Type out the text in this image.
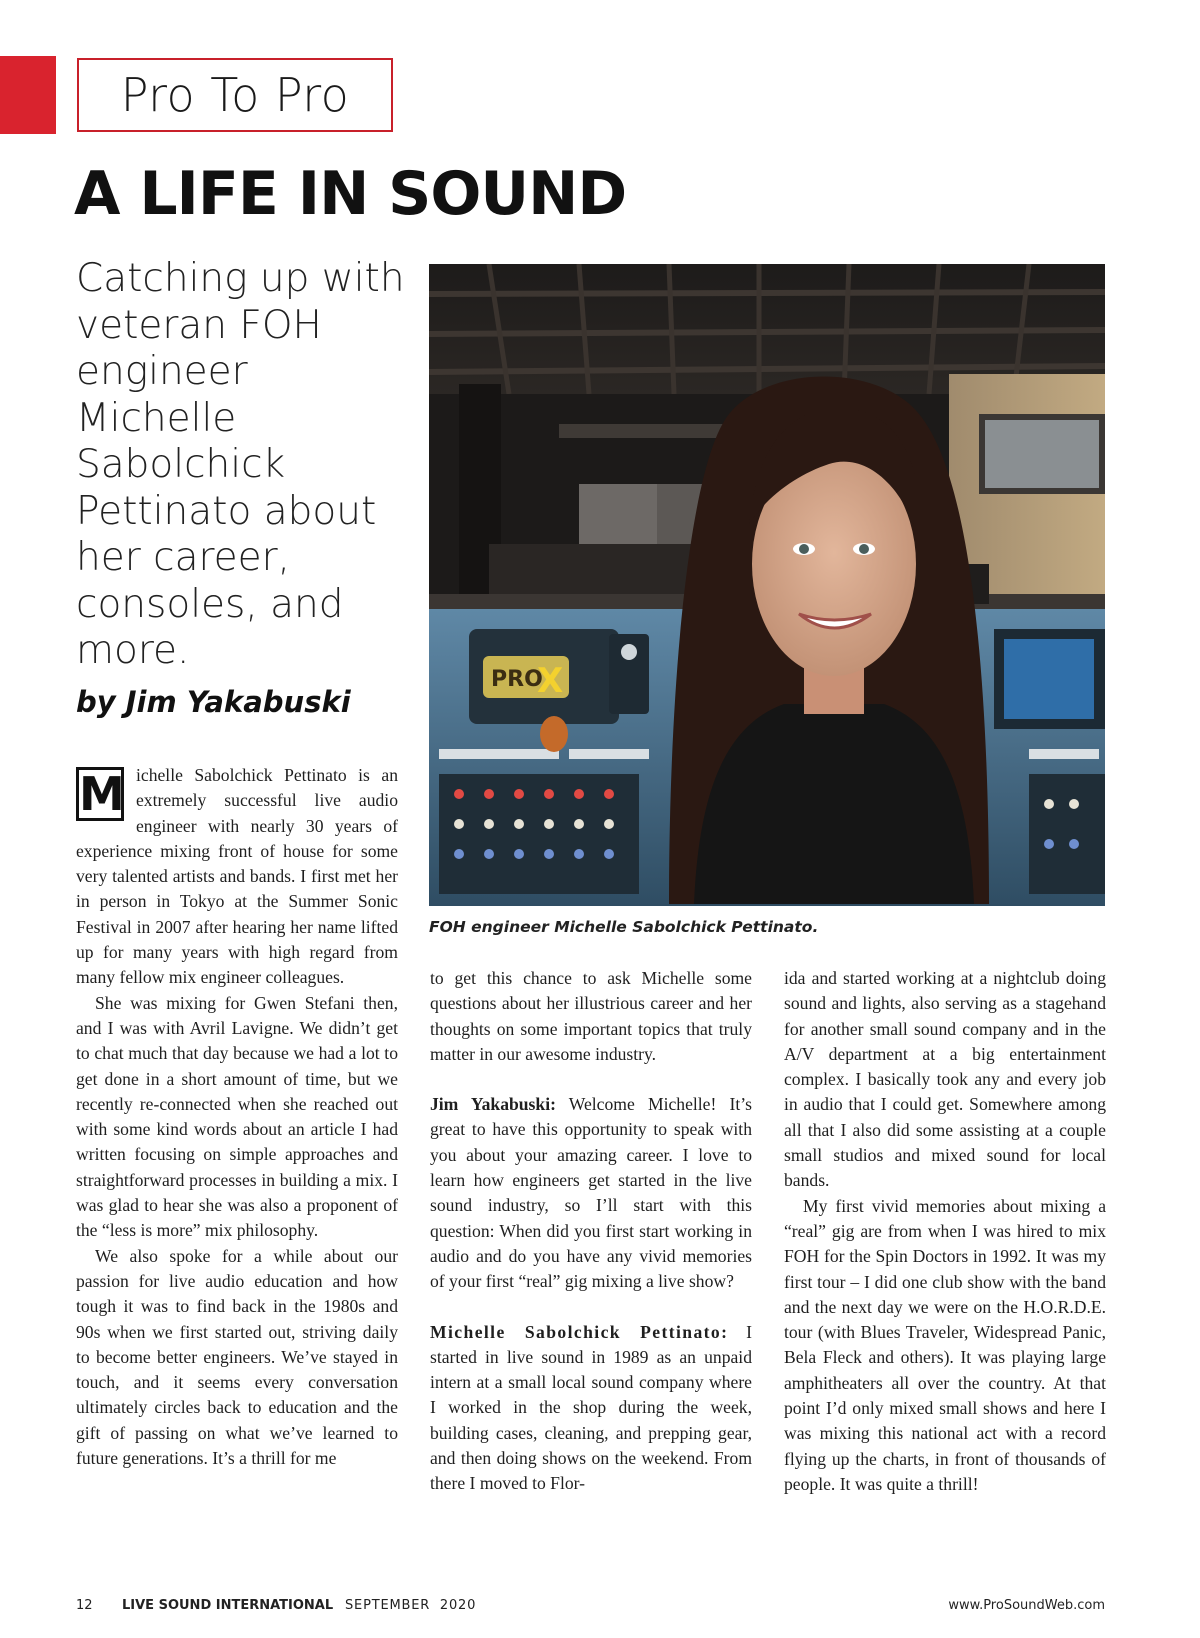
Pro To Pro
A LIFE IN SOUND
Catching up with veteran FOH engineer Michelle Sabolchick Pettinato about her career, consoles, and more.
by Jim Yakabuski
PRO
X
FOH engineer Michelle Sabolchick Pettinato.
M ichelle Sabolchick Pettinato is an extremely successful live audio engineer with nearly 30 years of experience mixing front of house for some very talented artists and bands. I first met her in person in Tokyo at the Summer Sonic Festival in 2007 after hearing her name lifted up for many years with high regard from many fellow mix engineer colleagues.

She was mixing for Gwen Stefani then, and I was with Avril Lavigne. We didn’t get to chat much that day because we had a lot to get done in a short amount of time, but we recently re-connected when she reached out with some kind words about an article I had written focusing on simple approaches and straightforward processes in building a mix. I was glad to hear she was also a proponent of the “less is more” mix philosophy.

We also spoke for a while about our passion for live audio education and how tough it was to find back in the 1980s and 90s when we first started out, striving daily to become better engineers. We’ve stayed in touch, and it seems every conversation ultimately circles back to education and the gift of passing on what we’ve learned to future generations. It’s a thrill for me

to get this chance to ask Michelle some questions about her illustrious career and her thoughts on some important topics that truly matter in our awesome industry.

Jim Yakabuski: Welcome Michelle! It’s great to have this opportunity to speak with you about your amazing career. I love to learn how engineers get started in the live sound industry, so I’ll start with this question: When did you first start working in audio and do you have any vivid memories of your first “real” gig mixing a live show?

Michelle Sabolchick Pettinato: I started in live sound in 1989 as an unpaid intern at a small local sound company where I worked in the shop during the week, building cases, cleaning, and prepping gear, and then doing shows on the weekend. From there I moved to Flor-

ida and started working at a nightclub doing sound and lights, also serving as a stagehand for another small sound company and in the A/V department at a big entertainment complex. I basically took any and every job in audio that I could get. Somewhere among all that I also did some assisting at a couple small studios and mixed sound for local bands.

My first vivid memories about mixing a “real” gig are from when I was hired to mix FOH for the Spin Doctors in 1992. It was my first tour – I did one club show with the band and the next day we were on the H.O.R.D.E. tour (with Blues Traveler, Widespread Panic, Bela Fleck and others). It was playing large amphitheaters all over the country. At that point I’d only mixed small shows and here I was mixing this national act with a record flying up the charts, in front of thousands of people. It was quite a thrill!

12 LIVE SOUND INTERNATIONAL SEPTEMBER  2020	www.ProSoundWeb.com
